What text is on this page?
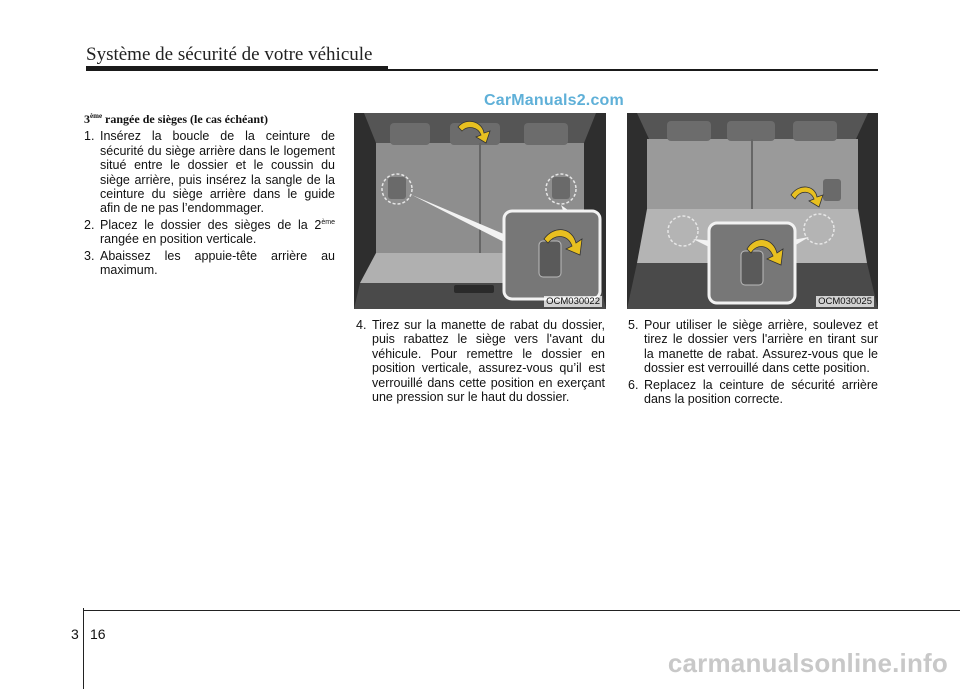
Système de sécurité de votre véhicule
CarManuals2.com
3ème rangée de sièges (le cas échéant)
1. Insérez la boucle de la ceinture de sécurité du siège arrière dans le logement situé entre le dossier et le coussin du siège arrière, puis insérez la sangle de la ceinture du siège arrière dans le guide afin de ne pas l’endommager.
2. Placez le dossier des sièges de la 2ème rangée en position verticale.
3. Abaissez les appuie-tête arrière au maximum.
OCM030022	OCM030025
4. Tirez sur la manette de rabat du dossier, puis rabattez le siège vers l'avant du véhicule. Pour remettre le dossier en position verticale, assurez-vous qu’il est verrouillé dans cette position en exerçant une pression sur le haut du dossier.
5. Pour utiliser le siège arrière, soulevez et tirez le dossier vers l'arrière en tirant sur la manette de rabat. Assurez-vous que le dossier est verrouillé dans cette position.
6. Replacez la ceinture de sécurité arrière dans la position correcte.
3 16
carmanualsonline.info
